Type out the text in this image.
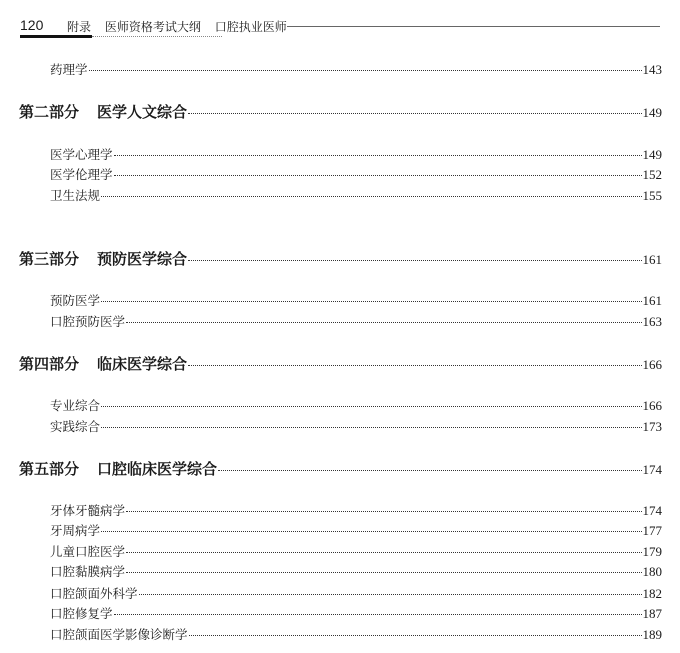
120 附录 医师资格考试大纲 口腔执业医师
药理学	143
第二部分 医学人文综合	149
医学心理学	149
医学伦理学	152
卫生法规	155
第三部分 预防医学综合	161
预防医学	161
口腔预防医学	163
第四部分 临床医学综合	166
专业综合	166
实践综合	173
第五部分 口腔临床医学综合	174
牙体牙髓病学	174
牙周病学	177
儿童口腔医学	179
口腔黏膜病学	180
口腔颌面外科学	182
口腔修复学	187
口腔颌面医学影像诊断学	189
